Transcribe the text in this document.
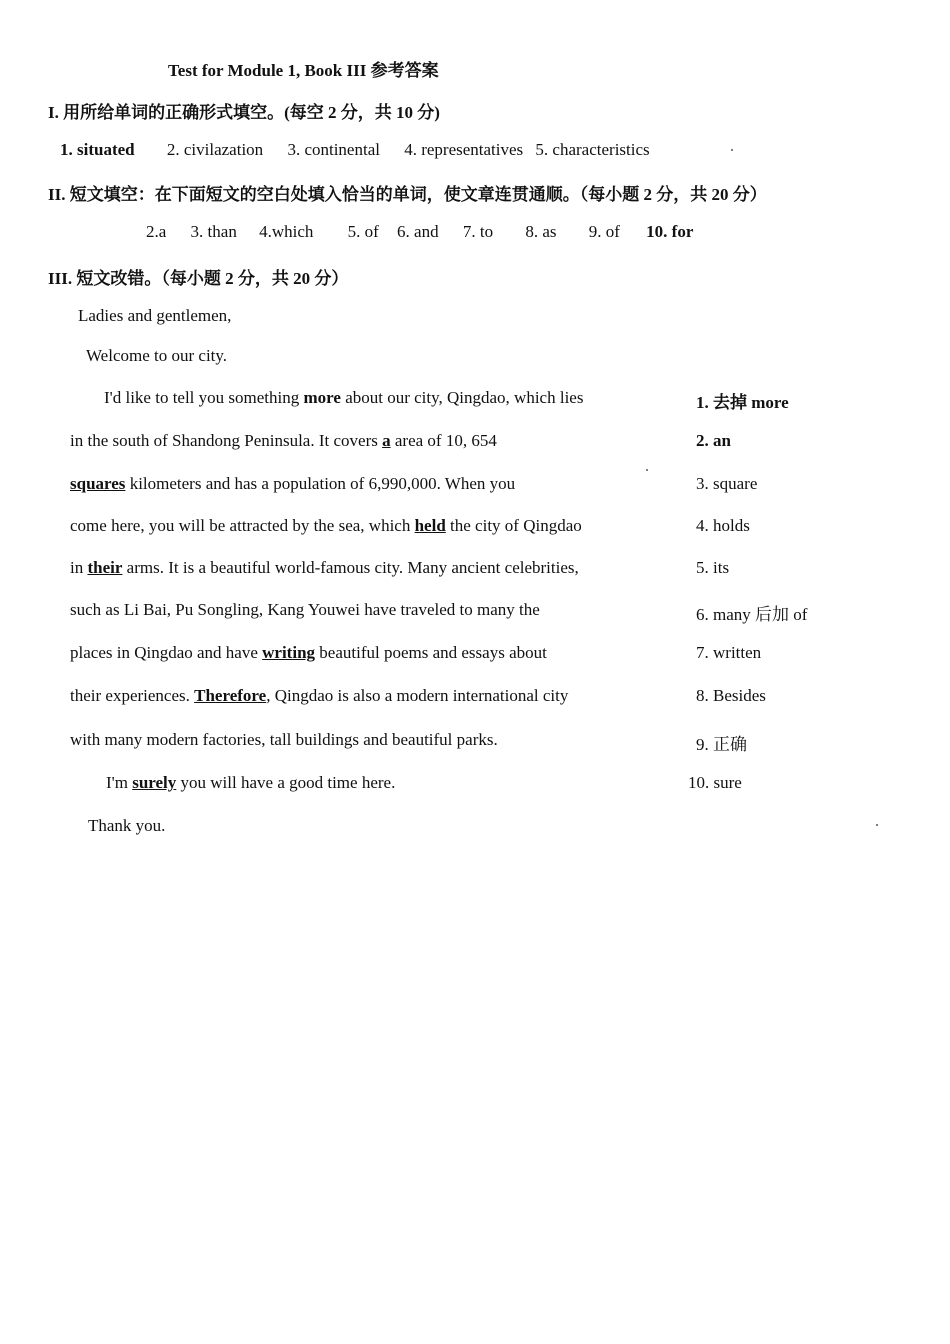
Test for Module 1, Book III 参考答案
I. 用所给单词的正确形式填空。(每空 2 分，共 10 分)
1. situated 2. civilazation 3. continental 4. representatives 5. characteristics
II. 短文填空：在下面短文的空白处填入恰当的单词，使文章连贯通顺。（每小题 2 分，共 20 分）
2.a 3. than 4.which 5. of 6. and 7. to 8. as 9. of 10. for
III. 短文改错。（每小题 2 分，共 20 分）
Ladies and gentlemen,
Welcome to our city.
I'd like to tell you something more about our city, Qingdao, which lies	1. 去掉 more
in the south of Shandong Peninsula. It covers a area of 10, 654	2. an
squares kilometers and has a population of 6,990,000. When you	3. square
come here, you will be attracted by the sea, which held the city of Qingdao	4. holds
in their arms. It is a beautiful world-famous city. Many ancient celebrities,	5. its
such as Li Bai, Pu Songling, Kang Youwei have traveled to many the	6. many 后加 of
places in Qingdao and have writing beautiful poems and essays about	7. written
their experiences. Therefore, Qingdao is also a modern international city	8. Besides
with many modern factories, tall buildings and beautiful parks.	9. 正确
I'm surely you will have a good time here.	10. sure
Thank you.
